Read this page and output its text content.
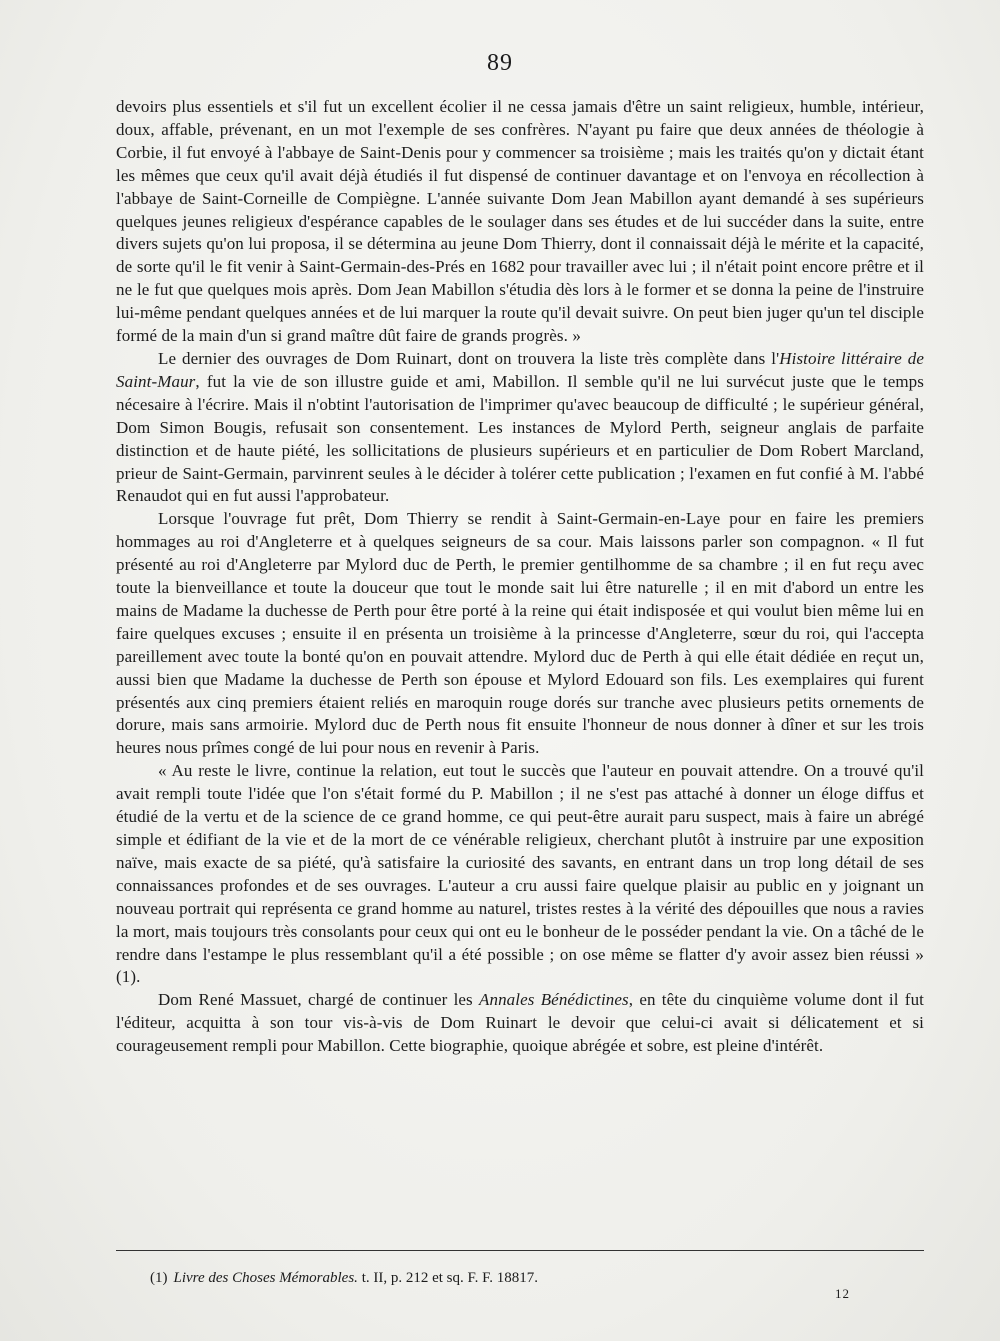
89

devoirs plus essentiels et s'il fut un excellent écolier il ne cessa jamais d'être un saint religieux, humble, intérieur, doux, affable, prévenant, en un mot l'exemple de ses confrères. N'ayant pu faire que deux années de théologie à Corbie, il fut envoyé à l'abbaye de Saint-Denis pour y commencer sa troisième ; mais les traités qu'on y dictait étant les mêmes que ceux qu'il avait déjà étudiés il fut dispensé de continuer davantage et on l'envoya en récollection à l'abbaye de Saint-Corneille de Compiègne. L'année suivante Dom Jean Mabillon ayant demandé à ses supérieurs quelques jeunes religieux d'espérance capables de le soulager dans ses études et de lui succéder dans la suite, entre divers sujets qu'on lui proposa, il se détermina au jeune Dom Thierry, dont il connaissait déjà le mérite et la capacité, de sorte qu'il le fit venir à Saint-Germain-des-Prés en 1682 pour travailler avec lui ; il n'était point encore prêtre et il ne le fut que quelques mois après. Dom Jean Mabillon s'étudia dès lors à le former et se donna la peine de l'instruire lui-même pendant quelques années et de lui marquer la route qu'il devait suivre. On peut bien juger qu'un tel disciple formé de la main d'un si grand maître dût faire de grands progrès. »

Le dernier des ouvrages de Dom Ruinart, dont on trouvera la liste très complète dans l'Histoire littéraire de Saint-Maur, fut la vie de son illustre guide et ami, Mabillon. Il semble qu'il ne lui survécut juste que le temps nécesaire à l'écrire. Mais il n'obtint l'autorisation de l'imprimer qu'avec beaucoup de difficulté ; le supérieur général, Dom Simon Bougis, refusait son consentement. Les instances de Mylord Perth, seigneur anglais de parfaite distinction et de haute piété, les sollicitations de plusieurs supérieurs et en particulier de Dom Robert Marcland, prieur de Saint-Germain, parvinrent seules à le décider à tolérer cette publication ; l'examen en fut confié à M. l'abbé Renaudot qui en fut aussi l'approbateur.

Lorsque l'ouvrage fut prêt, Dom Thierry se rendit à Saint-Germain-en-Laye pour en faire les premiers hommages au roi d'Angleterre et à quelques seigneurs de sa cour. Mais laissons parler son compagnon. « Il fut présenté au roi d'Angleterre par Mylord duc de Perth, le premier gentilhomme de sa chambre ; il en fut reçu avec toute la bienveillance et toute la douceur que tout le monde sait lui être naturelle ; il en mit d'abord un entre les mains de Madame la duchesse de Perth pour être porté à la reine qui était indisposée et qui voulut bien même lui en faire quelques excuses ; ensuite il en présenta un troisième à la princesse d'Angleterre, sœur du roi, qui l'accepta pareillement avec toute la bonté qu'on en pouvait attendre. Mylord duc de Perth à qui elle était dédiée en reçut un, aussi bien que Madame la duchesse de Perth son épouse et Mylord Edouard son fils. Les exemplaires qui furent présentés aux cinq premiers étaient reliés en maroquin rouge dorés sur tranche avec plusieurs petits ornements de dorure, mais sans armoirie. Mylord duc de Perth nous fit ensuite l'honneur de nous donner à dîner et sur les trois heures nous prîmes congé de lui pour nous en revenir à Paris.

« Au reste le livre, continue la relation, eut tout le succès que l'auteur en pouvait attendre. On a trouvé qu'il avait rempli toute l'idée que l'on s'était formé du P. Mabillon ; il ne s'est pas attaché à donner un éloge diffus et étudié de la vertu et de la science de ce grand homme, ce qui peut-être aurait paru suspect, mais à faire un abrégé simple et édifiant de la vie et de la mort de ce vénérable religieux, cherchant plutôt à instruire par une exposition naïve, mais exacte de sa piété, qu'à satisfaire la curiosité des savants, en entrant dans un trop long détail de ses connaissances profondes et de ses ouvrages. L'auteur a cru aussi faire quelque plaisir au public en y joignant un nouveau portrait qui représenta ce grand homme au naturel, tristes restes à la vérité des dépouilles que nous a ravies la mort, mais toujours très consolants pour ceux qui ont eu le bonheur de le posséder pendant la vie. On a tâché de le rendre dans l'estampe le plus ressemblant qu'il a été possible ; on ose même se flatter d'y avoir assez bien réussi » (1).

Dom René Massuet, chargé de continuer les Annales Bénédictines, en tête du cinquième volume dont il fut l'éditeur, acquitta à son tour vis-à-vis de Dom Ruinart le devoir que celui-ci avait si délicatement et si courageusement rempli pour Mabillon. Cette biographie, quoique abrégée et sobre, est pleine d'intérêt.

(1) Livre des Choses Mémorables. t. II, p. 212 et sq. F. F. 18817.
12
